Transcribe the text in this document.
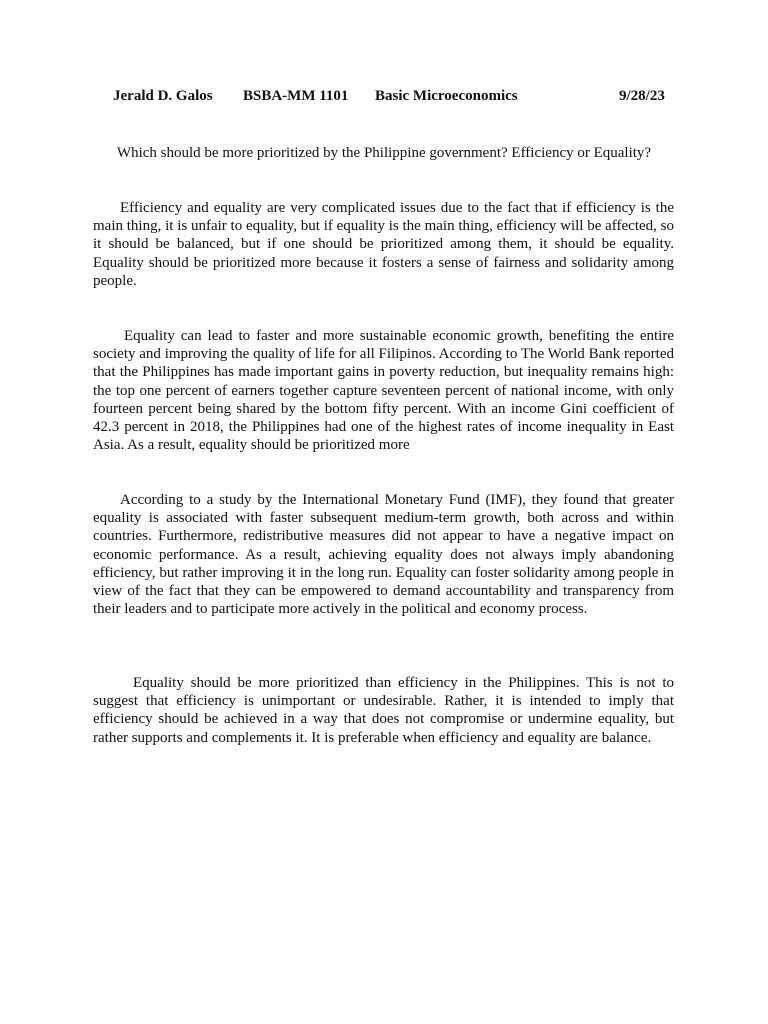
Jerald D. Galos BSBA-MM 1101 Basic Microeconomics	9/28/23
Which should be more prioritized by the Philippine government? Efficiency or Equality?

Efficiency and equality are very complicated issues due to the fact that if efficiency is the main thing, it is unfair to equality, but if equality is the main thing, efficiency will be affected, so it should be balanced, but if one should be prioritized among them, it should be equality. Equality should be prioritized more because it fosters a sense of fairness and solidarity among people.

Equality can lead to faster and more sustainable economic growth, benefiting the entire society and improving the quality of life for all Filipinos. According to The World Bank reported that the Philippines has made important gains in poverty reduction, but inequality remains high: the top one percent of earners together capture seventeen percent of national income, with only fourteen percent being shared by the bottom fifty percent. With an income Gini coefficient of 42.3 percent in 2018, the Philippines had one of the highest rates of income inequality in East Asia. As a result, equality should be prioritized more

According to a study by the International Monetary Fund (IMF), they found that greater equality is associated with faster subsequent medium-term growth, both across and within countries. Furthermore, redistributive measures did not appear to have a negative impact on economic performance. As a result, achieving equality does not always imply abandoning efficiency, but rather improving it in the long run. Equality can foster solidarity among people in view of the fact that they can be empowered to demand accountability and transparency from their leaders and to participate more actively in the political and economy process.

Equality should be more prioritized than efficiency in the Philippines. This is not to suggest that efficiency is unimportant or undesirable. Rather, it is intended to imply that efficiency should be achieved in a way that does not compromise or undermine equality, but rather supports and complements it. It is preferable when efficiency and equality are balance.
